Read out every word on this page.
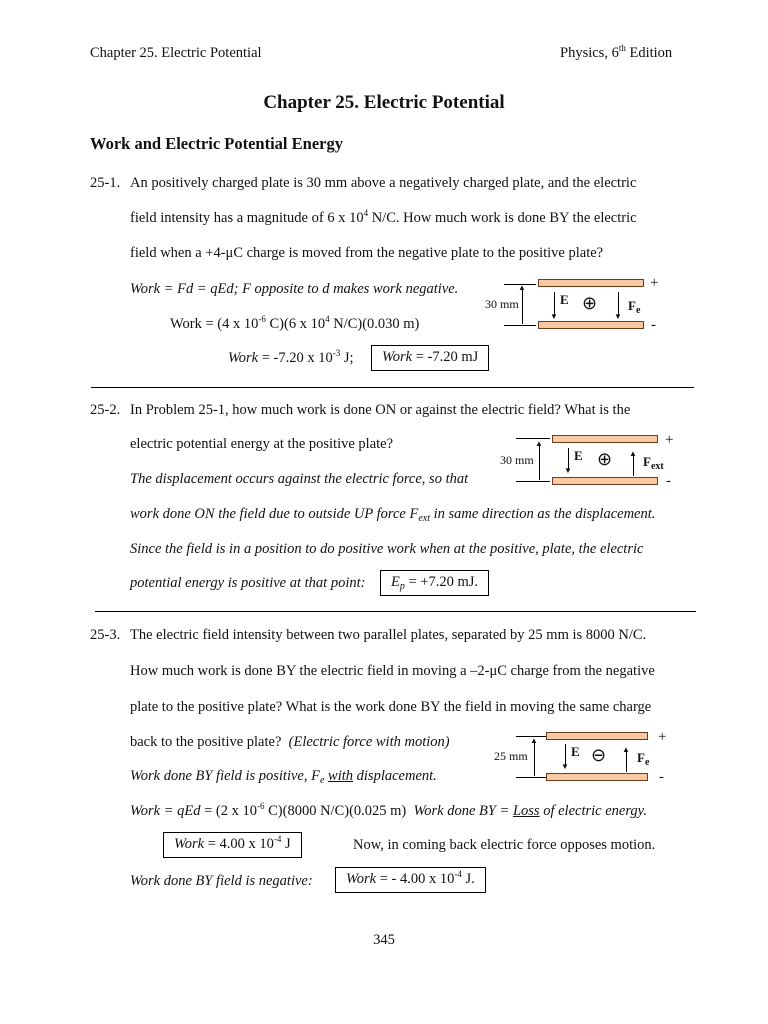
Chapter 25. Electric Potential	Physics, 6th Edition
Chapter 25. Electric Potential
Work and Electric Potential Energy
25-1. An positively charged plate is 30 mm above a negatively charged plate, and the electric
field intensity has a magnitude of 6 x $10^4$ N/C. How much work is done BY the electric
field when a +4-μC charge is moved from the negative plate to the positive plate?
Work = Fd = qEd; F opposite to d makes work negative.
Work = (4 x $10^{-6}$ C)(6 x $10^4$ N/C)(0.030 m)
Work = -7.20 x $10^{-3}$ J;	Work = -7.20 mJ
▲
30 mm
▼
E ⊕
▼
$F_e$
+
-
25-2. In Problem 25-1, how much work is done ON or against the electric field? What is the
electric potential energy at the positive plate?
The displacement occurs against the electric force, so that
work done ON the field due to outside UP force $F_{ext}$ in same direction as the displacement.
Since the field is in a position to do positive work when at the positive, plate, the electric
potential energy is positive at that point:	$E_p = +7.20$ mJ.
▲
30 mm
▼
E ⊕ ▲
$F_{ext}$
+
-
25-3. The electric field intensity between two parallel plates, separated by 25 mm is 8000 N/C.
How much work is done BY the electric field in moving a –2-μC charge from the negative
plate to the positive plate? What is the work done BY the field in moving the same charge
back to the positive plate? (Electric force with motion)
Work done BY field is positive, $F_e$ with displacement.
Work = qEd = (2 x $10^{-6}$ C)(8000 N/C)(0.025 m) Work done BY = Loss of electric energy.
Work = 4.00 x $10^{-4}$ J	Now, in coming back electric force opposes motion.
Work done BY field is negative:	Work = - 4.00 x $10^{-4}$ J.
▲
25 mm
▼
E ⊖ ▲
$F_e$
+
-
345
